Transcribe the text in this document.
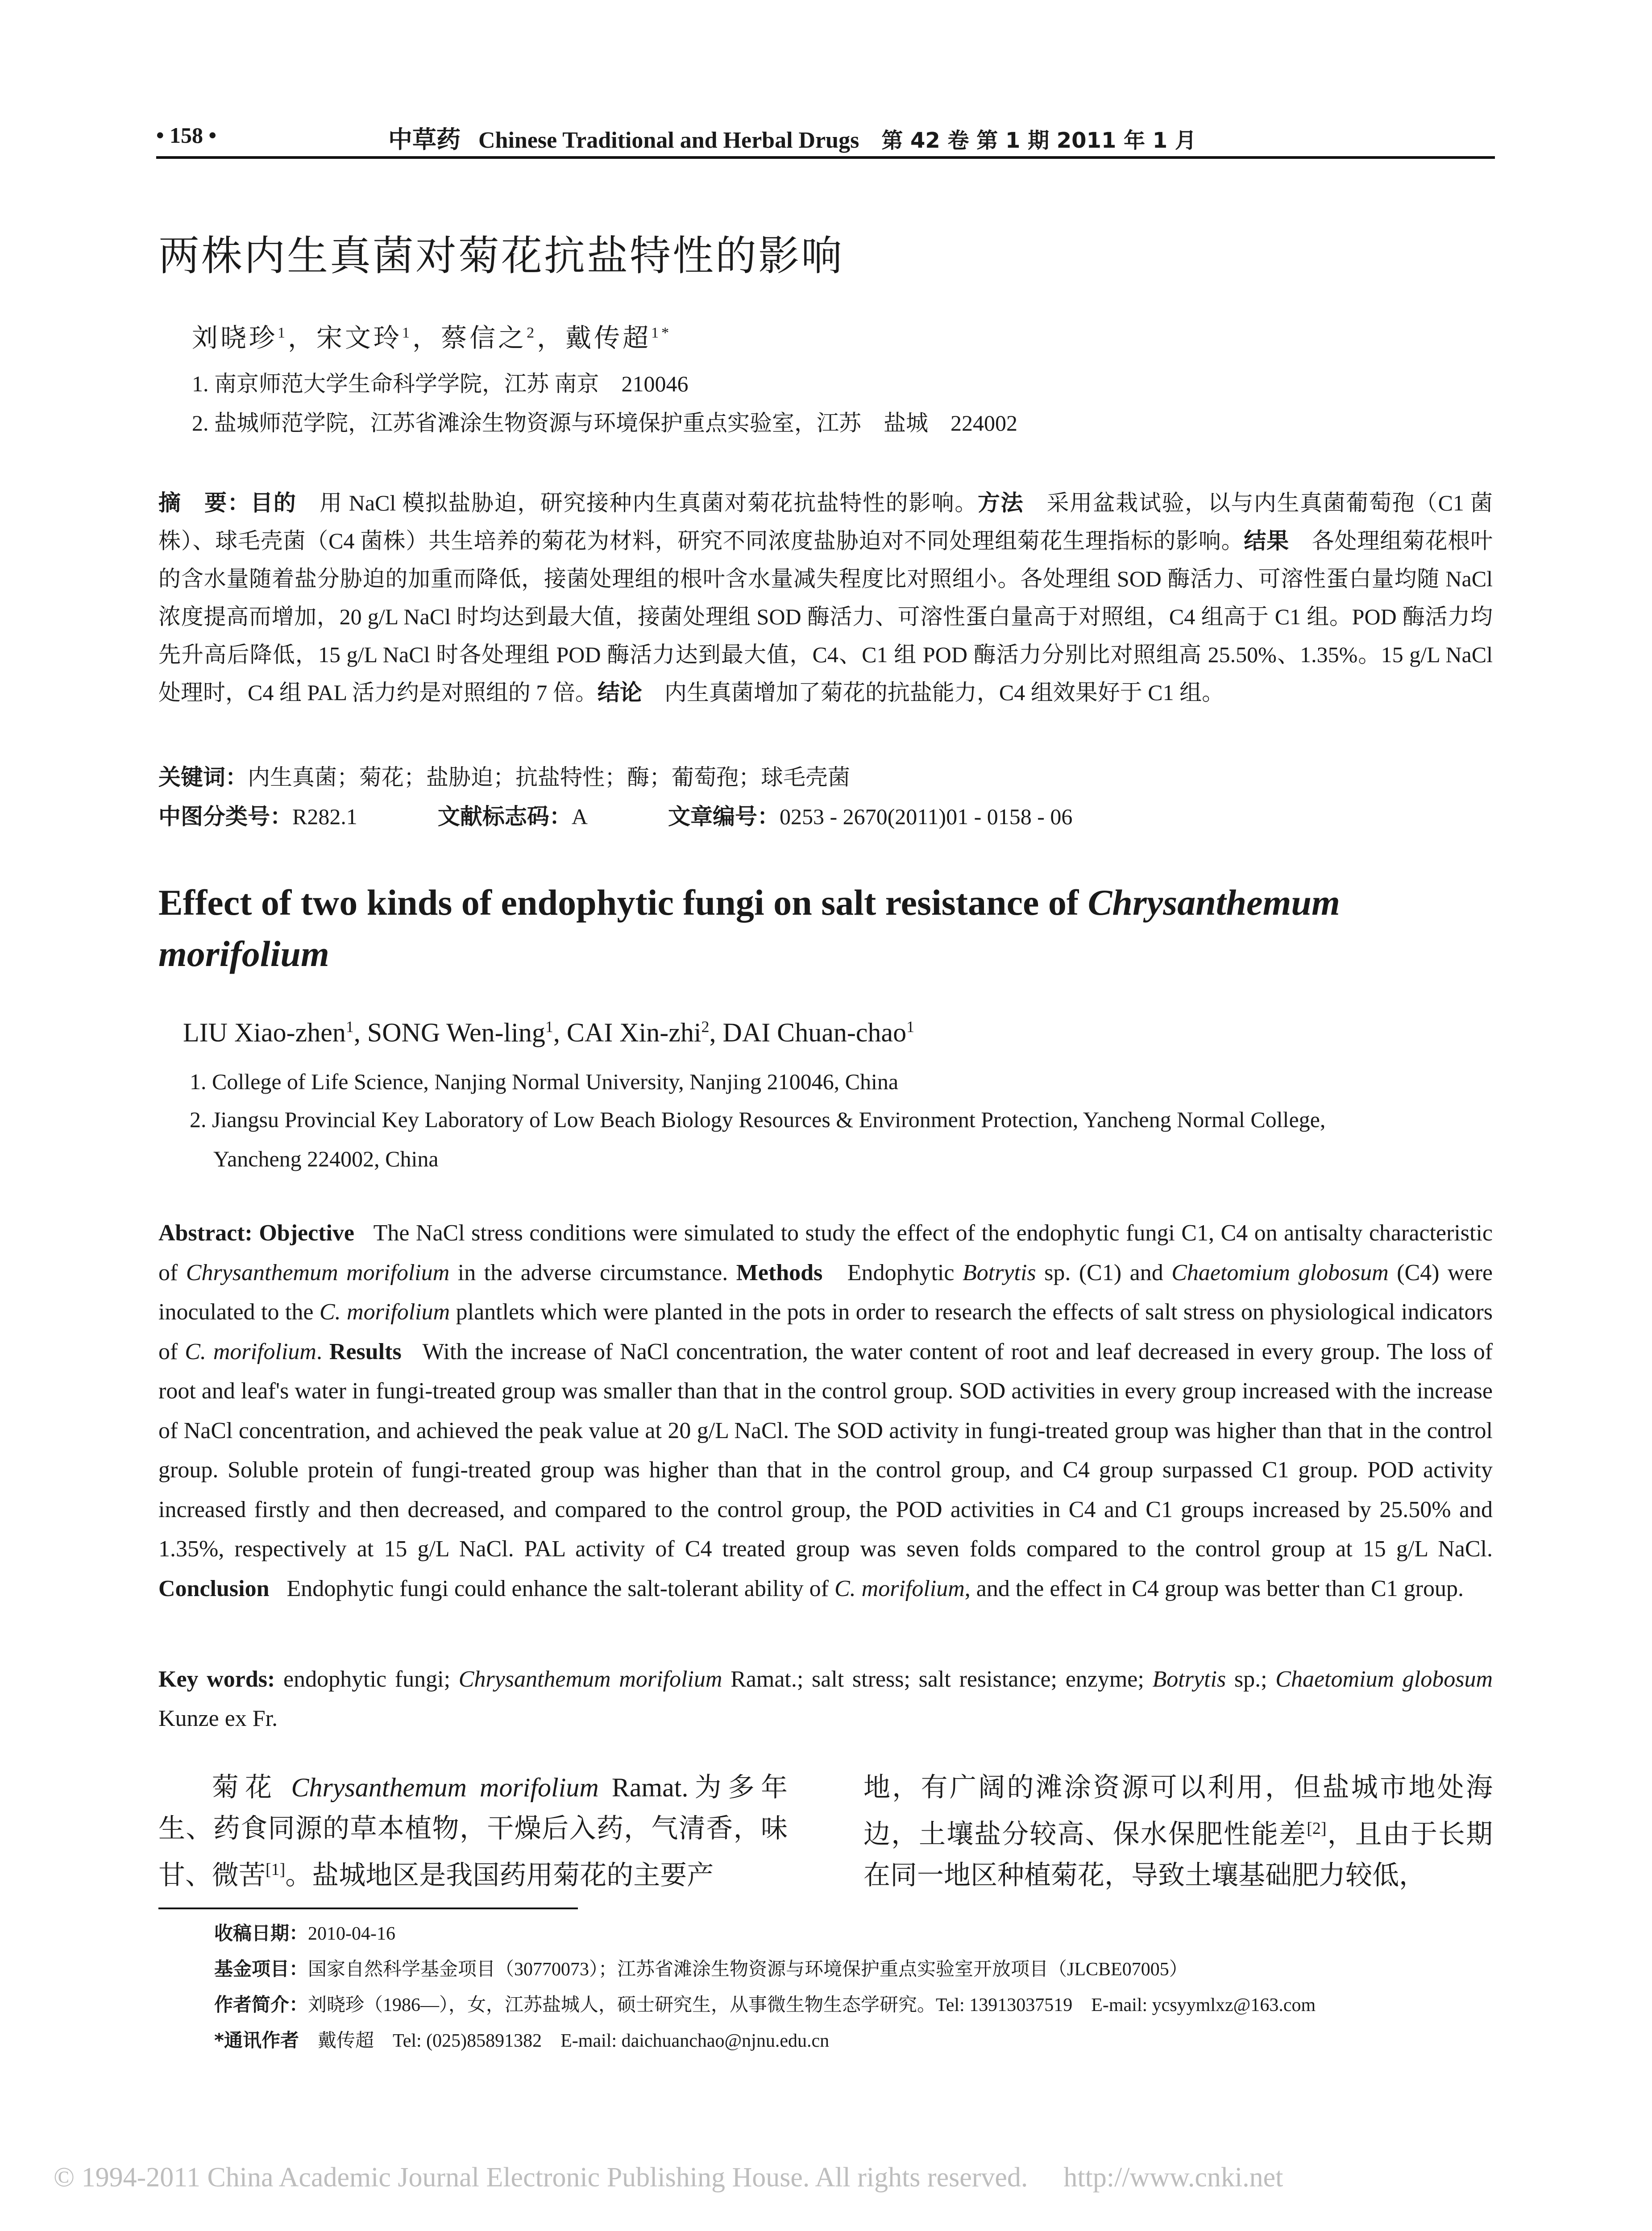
• 158 •	中草药 Chinese Traditional and Herbal Drugs 第 42 卷 第 1 期 2011 年 1 月
两株内生真菌对菊花抗盐特性的影响
刘晓珍$^1$，宋文玲$^1$，蔡信之$^2$，戴传超$^{1*}$
1. 南京师范大学生命科学学院，江苏 南京　210046
2. 盐城师范学院，江苏省滩涂生物资源与环境保护重点实验室，江苏　盐城　224002
摘　要：目的 用 NaCl 模拟盐胁迫，研究接种内生真菌对菊花抗盐特性的影响。方法 采用盆栽试验，以与内生真菌葡萄孢（C1 菌株）、球毛壳菌（C4 菌株）共生培养的菊花为材料，研究不同浓度盐胁迫对不同处理组菊花生理指标的影响。结果 各处理组菊花根叶的含水量随着盐分胁迫的加重而降低，接菌处理组的根叶含水量减失程度比对照组小。各处理组 SOD 酶活力、可溶性蛋白量均随 NaCl 浓度提高而增加，20 g/L NaCl 时均达到最大值，接菌处理组 SOD 酶活力、可溶性蛋白量高于对照组，C4 组高于 C1 组。POD 酶活力均先升高后降低，15 g/L NaCl 时各处理组 POD 酶活力达到最大值，C4、C1 组 POD 酶活力分别比对照组高 25.50%、1.35%。15 g/L NaCl 处理时，C4 组 PAL 活力约是对照组的 7 倍。结论 内生真菌增加了菊花的抗盐能力，C4 组效果好于 C1 组。
关键词：内生真菌；菊花；盐胁迫；抗盐特性；酶；葡萄孢；球毛壳菌
中图分类号：R282.1	文献标志码：A	文章编号：0253 - 2670(2011)01 - 0158 - 06
Effect of two kinds of endophytic fungi on salt resistance of Chrysanthemum morifolium
LIU Xiao-zhen$^1$, SONG Wen-ling$^1$, CAI Xin-zhi$^2$, DAI Chuan-chao$^1$
1. College of Life Science, Nanjing Normal University, Nanjing 210046, China
2. Jiangsu Provincial Key Laboratory of Low Beach Biology Resources & Environment Protection, Yancheng Normal College,
Yancheng 224002, China
Abstract: Objective The NaCl stress conditions were simulated to study the effect of the endophytic fungi C1, C4 on antisalty characteristic of Chrysanthemum morifolium in the adverse circumstance. Methods Endophytic Botrytis sp. (C1) and Chaetomium globosum (C4) were inoculated to the C. morifolium plantlets which were planted in the pots in order to research the effects of salt stress on physiological indicators of C. morifolium. Results With the increase of NaCl concentration, the water content of root and leaf decreased in every group. The loss of root and leaf's water in fungi-treated group was smaller than that in the control group. SOD activities in every group increased with the increase of NaCl concentration, and achieved the peak value at 20 g/L NaCl. The SOD activity in fungi-treated group was higher than that in the control group. Soluble protein of fungi-treated group was higher than that in the control group, and C4 group surpassed C1 group. POD activity increased firstly and then decreased, and compared to the control group, the POD activities in C4 and C1 groups increased by 25.50% and 1.35%, respectively at 15 g/L NaCl. PAL activity of C4 treated group was seven folds compared to the control group at 15 g/L NaCl. Conclusion Endophytic fungi could enhance the salt-tolerant ability of C. morifolium, and the effect in C4 group was better than C1 group.
Key words: endophytic fungi; Chrysanthemum morifolium Ramat.; salt stress; salt resistance; enzyme; Botrytis sp.; Chaetomium globosum Kunze ex Fr.
菊花 Chrysanthemum morifolium Ramat.为多年生、药食同源的草本植物，干燥后入药，气清香，味甘、微苦[1]。盐城地区是我国药用菊花的主要产
地，有广阔的滩涂资源可以利用，但盐城市地处海边，土壤盐分较高、保水保肥性能差[2]，且由于长期在同一地区种植菊花，导致土壤基础肥力较低，
收稿日期：2010-04-16
基金项目：国家自然科学基金项目（30770073）；江苏省滩涂生物资源与环境保护重点实验室开放项目（JLCBE07005）
作者简介：刘晓珍（1986—），女，江苏盐城人，硕士研究生，从事微生物生态学研究。Tel: 13913037519　E-mail: ycsyymlxz@163.com
*通讯作者　戴传超　Tel: (025)85891382　E-mail: daichuanchao@njnu.edu.cn
© 1994-2011 China Academic Journal Electronic Publishing House. All rights reserved. http://www.cnki.net
